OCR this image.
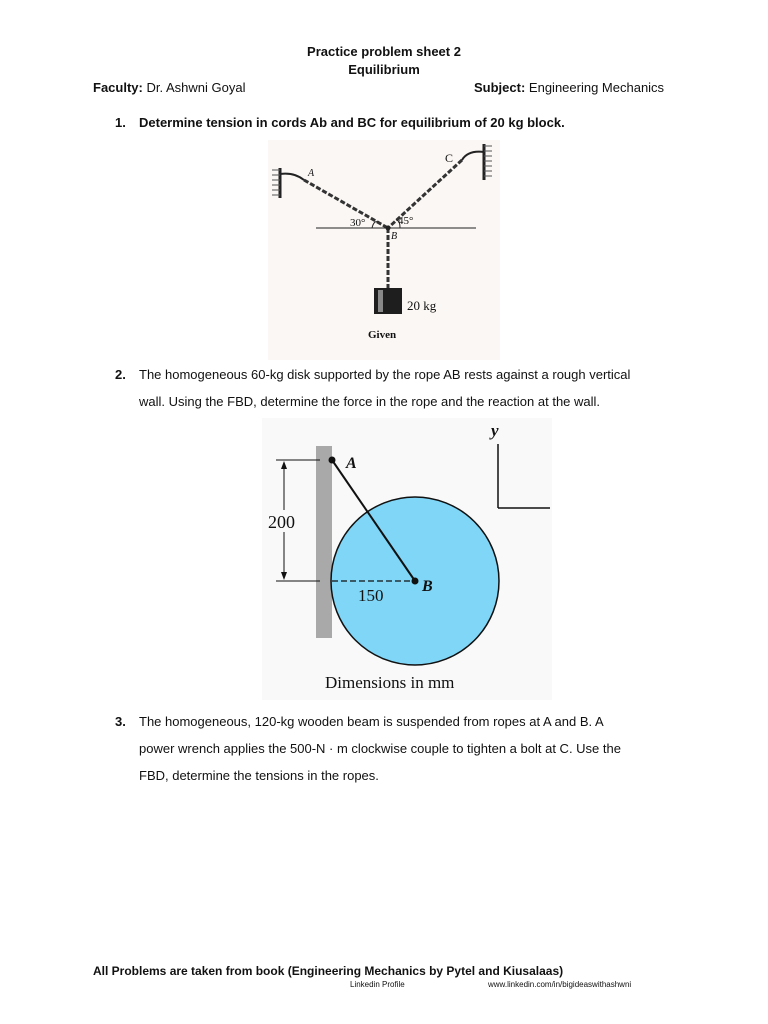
Practice problem sheet 2
Equilibrium
Faculty: Dr. Ashwni Goyal	Subject: Engineering Mechanics
1. Determine tension in cords Ab and BC for equilibrium of 20 kg block.
A
C
B
30°	45°
20 kg
Given
2. The homogeneous 60-kg disk supported by the rope AB rests against a rough vertical
wall. Using the FBD, determine the force in the rope and the reaction at the wall.
200
150
A
B
y
Dimensions in mm
3. The homogeneous, 120-kg wooden beam is suspended from ropes at A and B. A
power wrench applies the 500-N · m clockwise couple to tighten a bolt at C. Use the
FBD, determine the tensions in the ropes.
All Problems are taken from book (Engineering Mechanics by Pytel and Kiusalaas)
Linkedin Profile	www.linkedin.com/in/bigideaswithashwni
